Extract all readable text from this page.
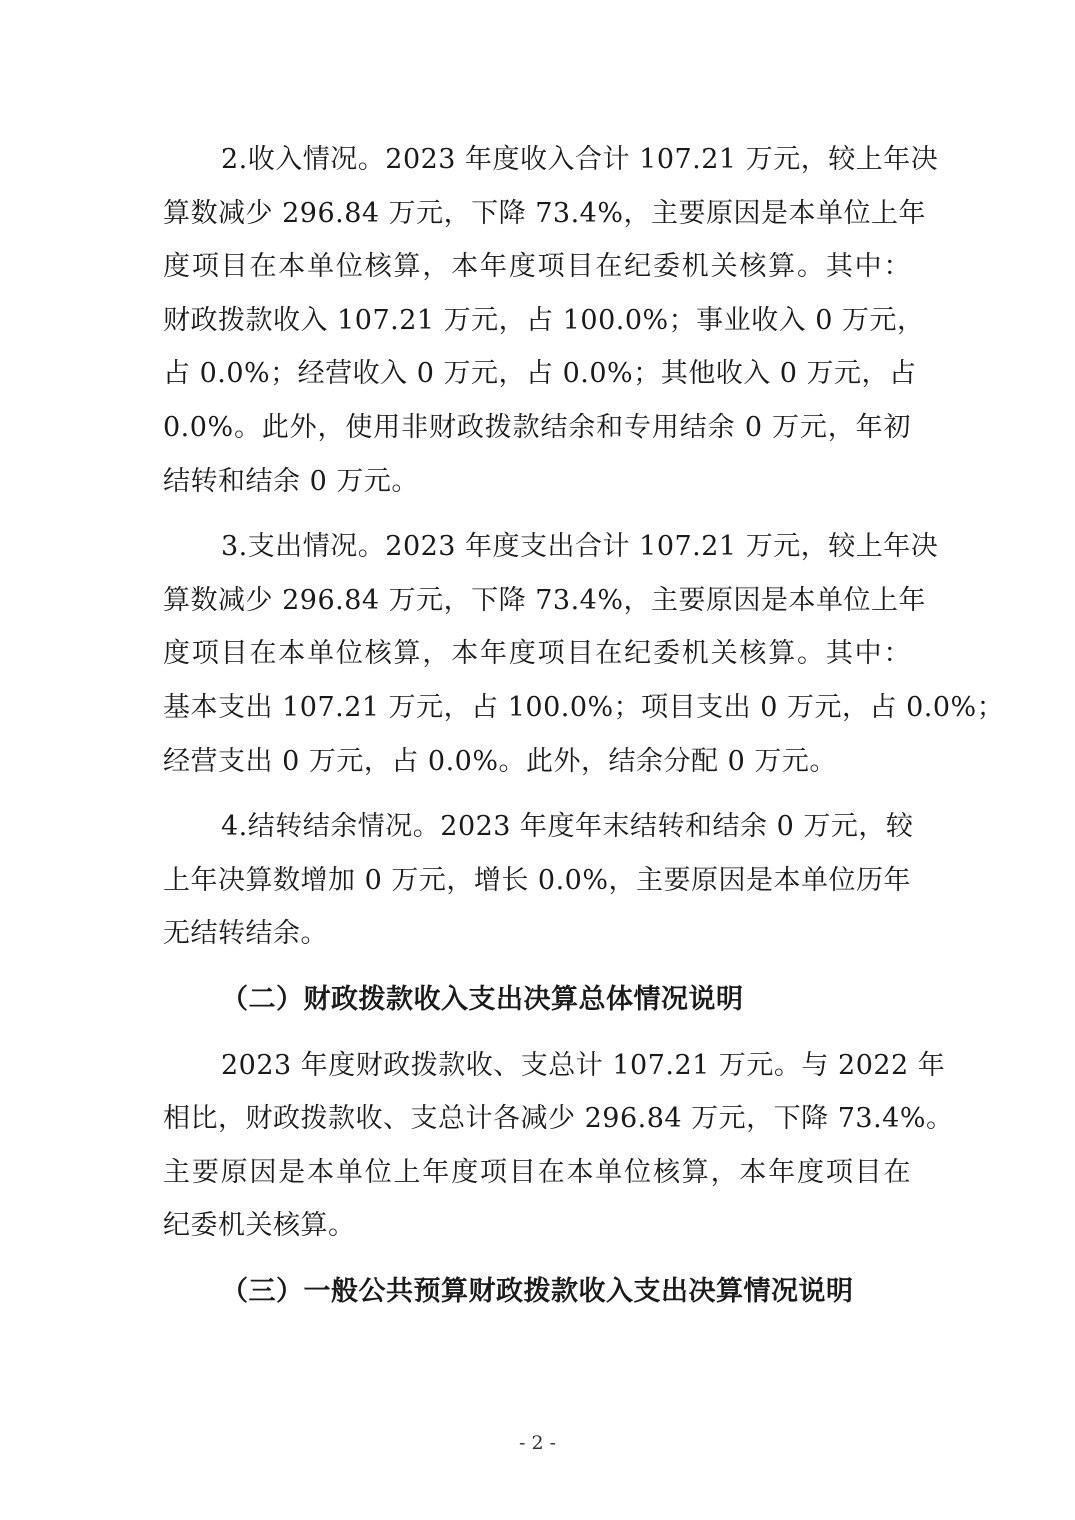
2.收入情况。2023 年度收入合计 107.21 万元，较上年决
算数减少 296.84 万元，下降 73.4%，主要原因是本单位上年
度项目在本单位核算，本年度项目在纪委机关核算。其中：
财政拨款收入 107.21 万元，占 100.0%；事业收入 0 万元，
占 0.0%；经营收入 0 万元，占 0.0%；其他收入 0 万元，占
0.0%。此外，使用非财政拨款结余和专用结余 0 万元，年初
结转和结余 0 万元。
3.支出情况。2023 年度支出合计 107.21 万元，较上年决
算数减少 296.84 万元，下降 73.4%，主要原因是本单位上年
度项目在本单位核算，本年度项目在纪委机关核算。其中：
基本支出 107.21 万元，占 100.0%；项目支出 0 万元，占 0.0%；
经营支出 0 万元，占 0.0%。此外，结余分配 0 万元。
4.结转结余情况。2023 年度年末结转和结余 0 万元，较
上年决算数增加 0 万元，增长 0.0%，主要原因是本单位历年
无结转结余。
（二）财政拨款收入支出决算总体情况说明
2023 年度财政拨款收、支总计 107.21 万元。与 2022 年
相比，财政拨款收、支总计各减少 296.84 万元，下降 73.4%。
主要原因是本单位上年度项目在本单位核算，本年度项目在
纪委机关核算。
（三）一般公共预算财政拨款收入支出决算情况说明
- 2 -
